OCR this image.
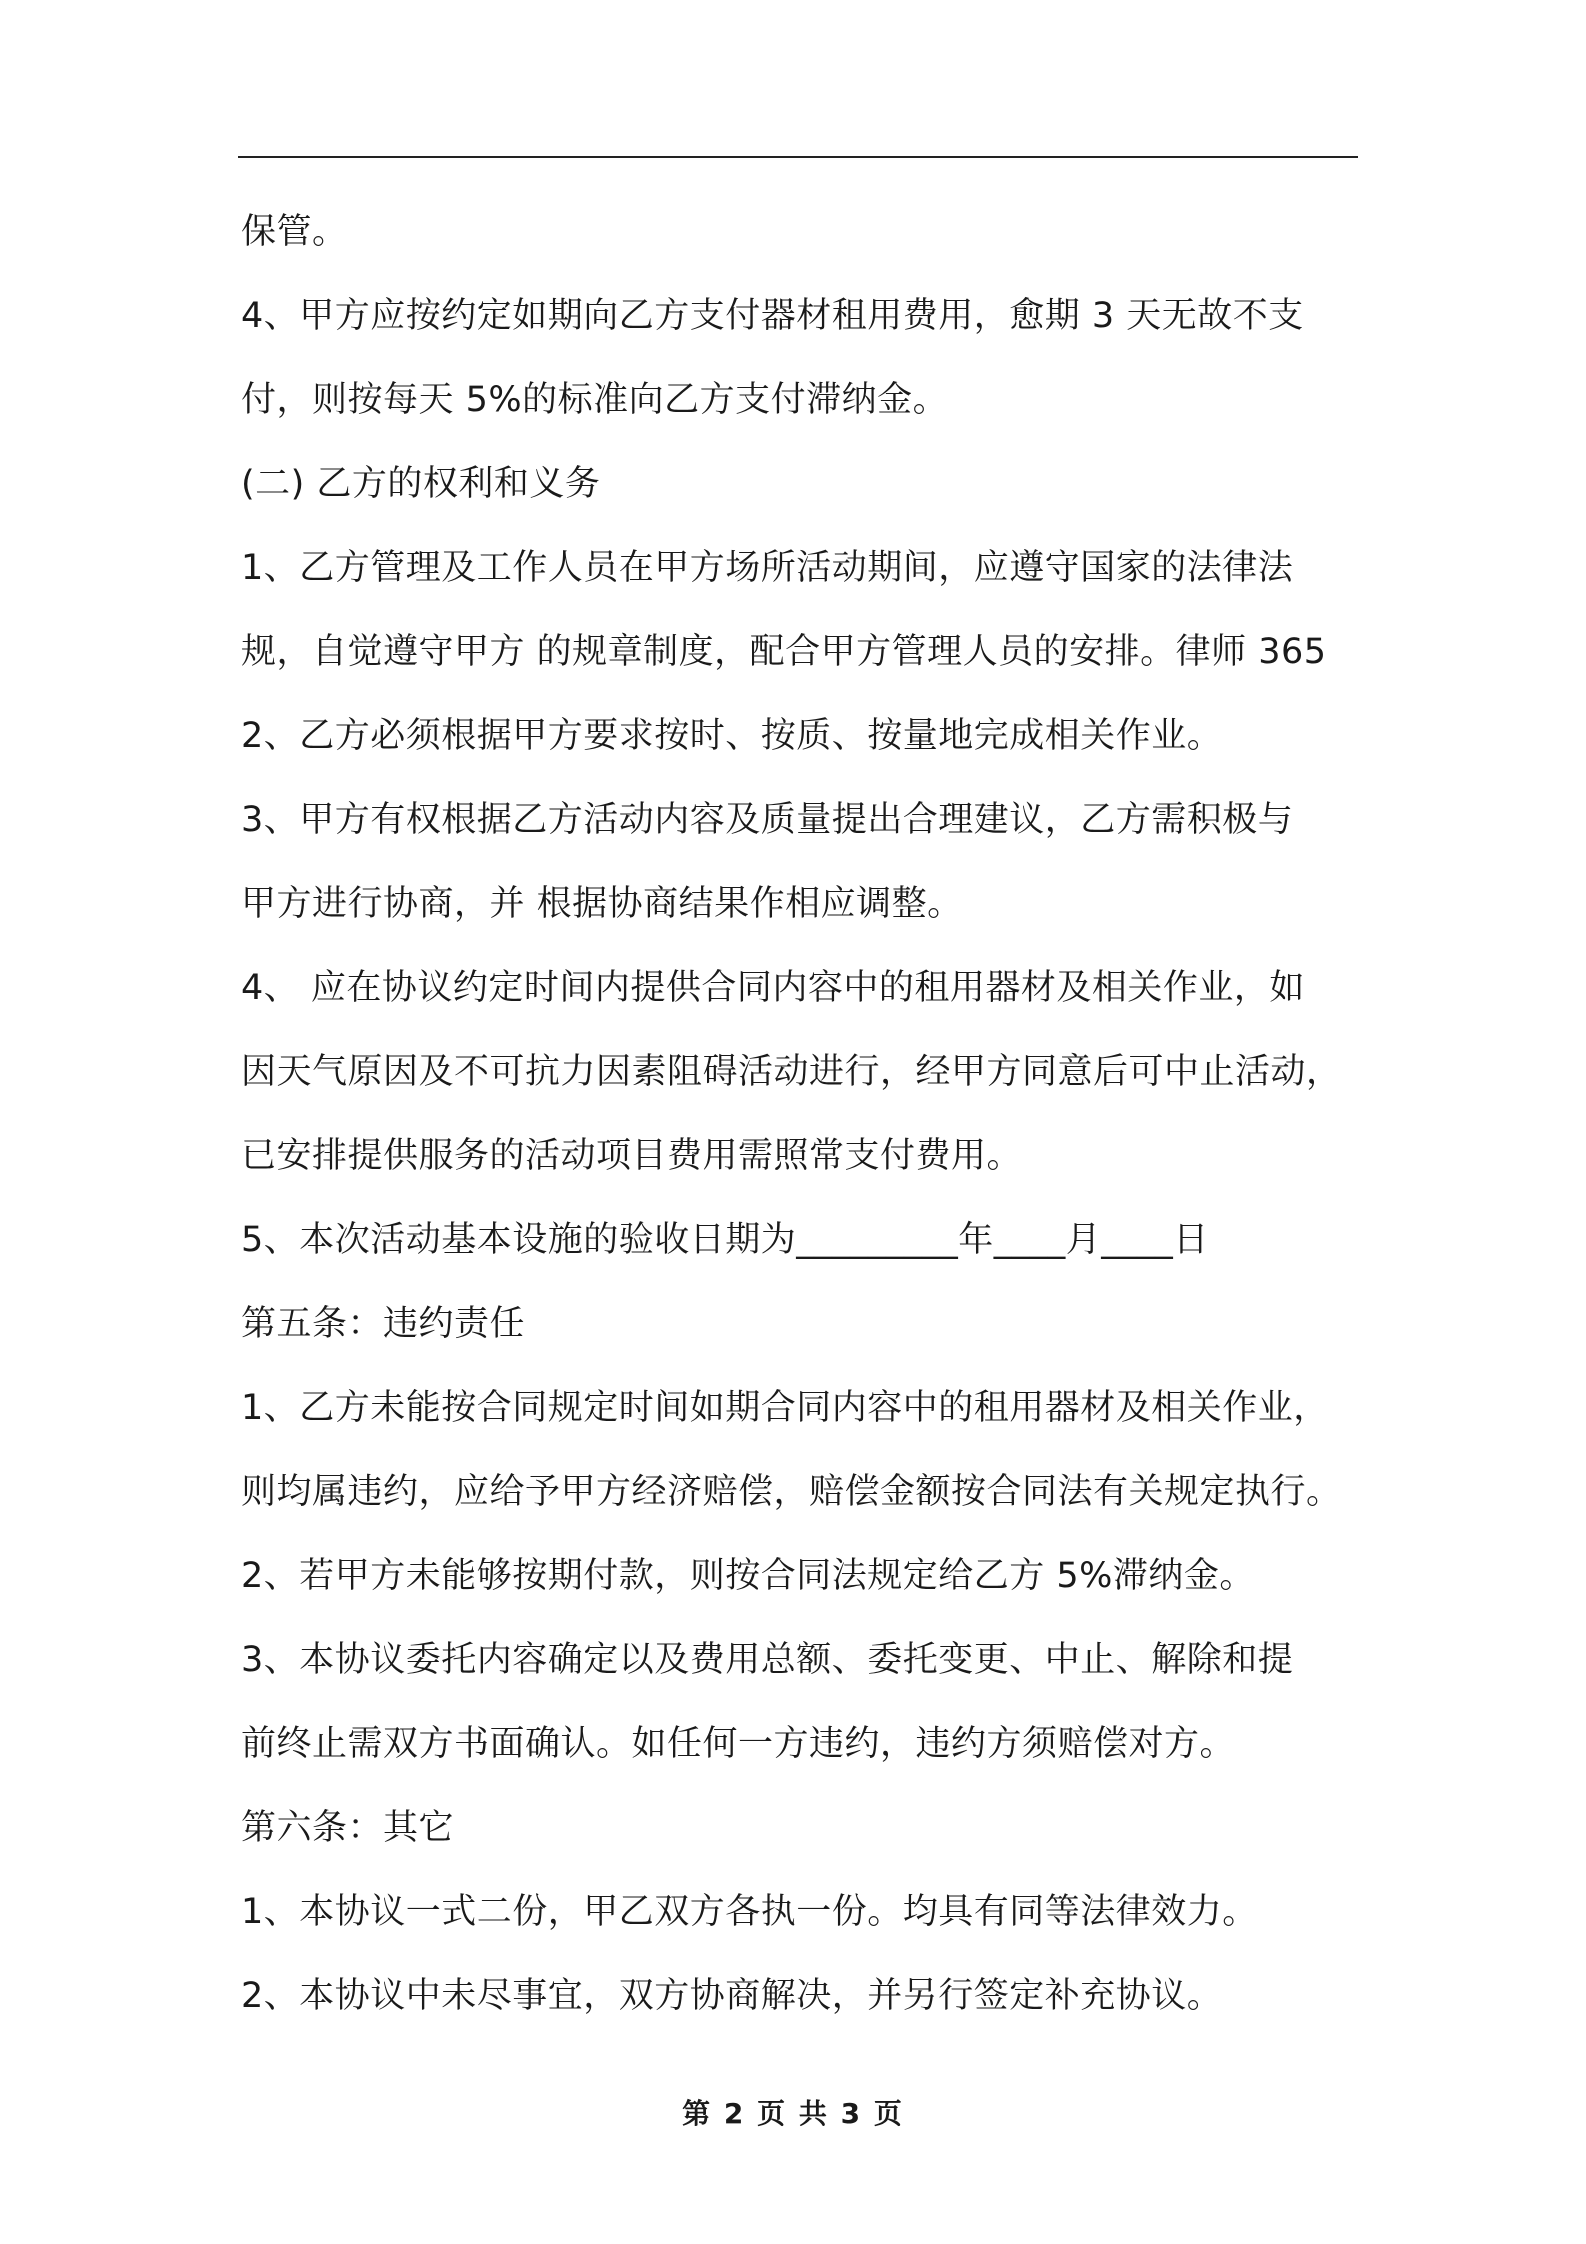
保管。
4、甲方应按约定如期向乙方支付器材租用费用，愈期 3 天无故不支
付，则按每天 5%的标准向乙方支付滞纳金。
(二) 乙方的权利和义务
1、乙方管理及工作人员在甲方场所活动期间，应遵守国家的法律法
规，自觉遵守甲方 的规章制度，配合甲方管理人员的安排。律师 365
2、乙方必须根据甲方要求按时、按质、按量地完成相关作业。
3、甲方有权根据乙方活动内容及质量提出合理建议，乙方需积极与
甲方进行协商，并 根据协商结果作相应调整。
4、 应在协议约定时间内提供合同内容中的租用器材及相关作业，如
因天气原因及不可抗力因素阻碍活动进行，经甲方同意后可中止活动，
已安排提供服务的活动项目费用需照常支付费用。
5、本次活动基本设施的验收日期为_________年____月____日
第五条：违约责任
1、乙方未能按合同规定时间如期合同内容中的租用器材及相关作业，
则均属违约，应给予甲方经济赔偿，赔偿金额按合同法有关规定执行。
2、若甲方未能够按期付款，则按合同法规定给乙方 5%滞纳金。
3、本协议委托内容确定以及费用总额、委托变更、中止、解除和提
前终止需双方书面确认。如任何一方违约，违约方须赔偿对方。
第六条：其它
1、本协议一式二份，甲乙双方各执一份。均具有同等法律效力。
2、本协议中未尽事宜，双方协商解决，并另行签定补充协议。
第 2 页 共 3 页
